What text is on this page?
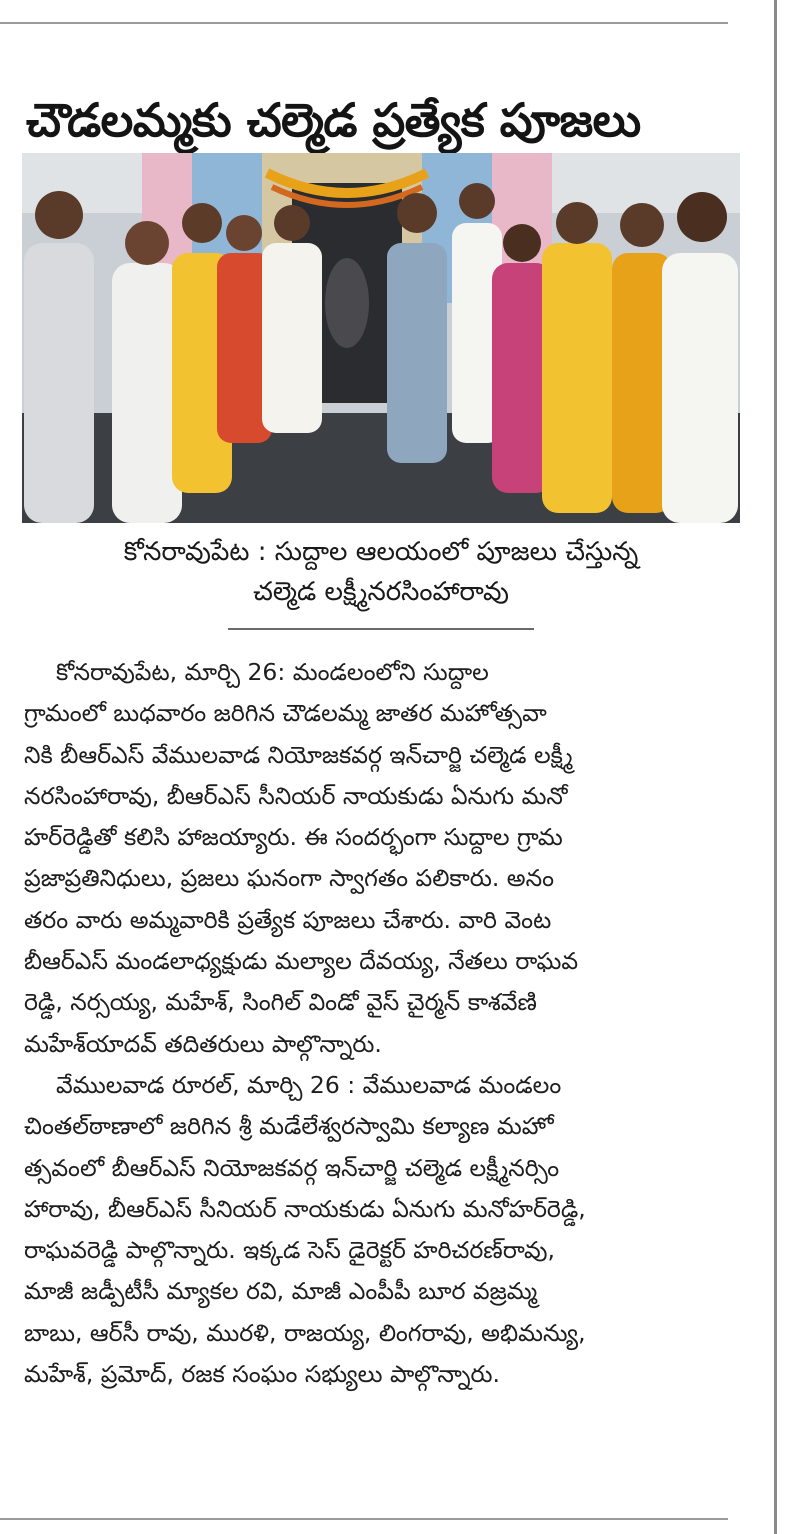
చౌడలమ్మకు చల్మెడ ప్రత్యేక పూజలు
కోనరావుపేట : సుద్దాల ఆలయంలో పూజలు చేస్తున్న
చల్మెడ లక్ష్మీనరసింహారావు
కోనరావుపేట, మార్చి 26: మండలంలోని సుద్దాల
గ్రామంలో బుధవారం జరిగిన చౌడలమ్మ జాతర మహోత్సవా
నికి బీఆర్ఎస్ వేములవాడ నియోజకవర్గ ఇన్‌చార్జి చల్మెడ లక్ష్మీ
నరసింహారావు, బీఆర్ఎస్ సీనియర్ నాయకుడు ఏనుగు మనో
హర్‌రెడ్డితో కలిసి హాజయ్యారు. ఈ సందర్భంగా సుద్దాల గ్రామ
ప్రజాప్రతినిధులు, ప్రజలు ఘనంగా స్వాగతం పలికారు. అనం
తరం వారు అమ్మవారికి ప్రత్యేక పూజలు చేశారు. వారి వెంట
బీఆర్ఎస్ మండలాధ్యక్షుడు మల్యాల దేవయ్య, నేతలు రాఘవ
రెడ్డి, నర్సయ్య, మహేశ్, సింగిల్ విండో వైస్ చైర్మన్ కాశవేణి
మహేశ్‌యాదవ్ తదితరులు పాల్గొన్నారు.
వేములవాడ రూరల్, మార్చి 26 : వేములవాడ మండలం
చింతల్‌ఠాణాలో జరిగిన శ్రీ మడేలేశ్వరస్వామి కల్యాణ మహో
త్సవంలో బీఆర్ఎస్ నియోజకవర్గ ఇన్‌చార్జి చల్మెడ లక్ష్మీనర్సిం
హారావు, బీఆర్ఎస్ సీనియర్ నాయకుడు ఏనుగు మనోహర్‌రెడ్డి,
రాఘవరెడ్డి పాల్గొన్నారు. ఇక్కడ సెస్ డైరెక్టర్ హరిచరణ్‌రావు,
మాజీ జడ్పీటీసీ మ్యాకల రవి, మాజీ ఎంపీపీ బూర వజ్రమ్మ
బాబు, ఆర్‌సీ రావు, మురళి, రాజయ్య, లింగరావు, అభిమన్యు,
మహేశ్, ప్రమోద్, రజక సంఘం సభ్యులు పాల్గొన్నారు.
